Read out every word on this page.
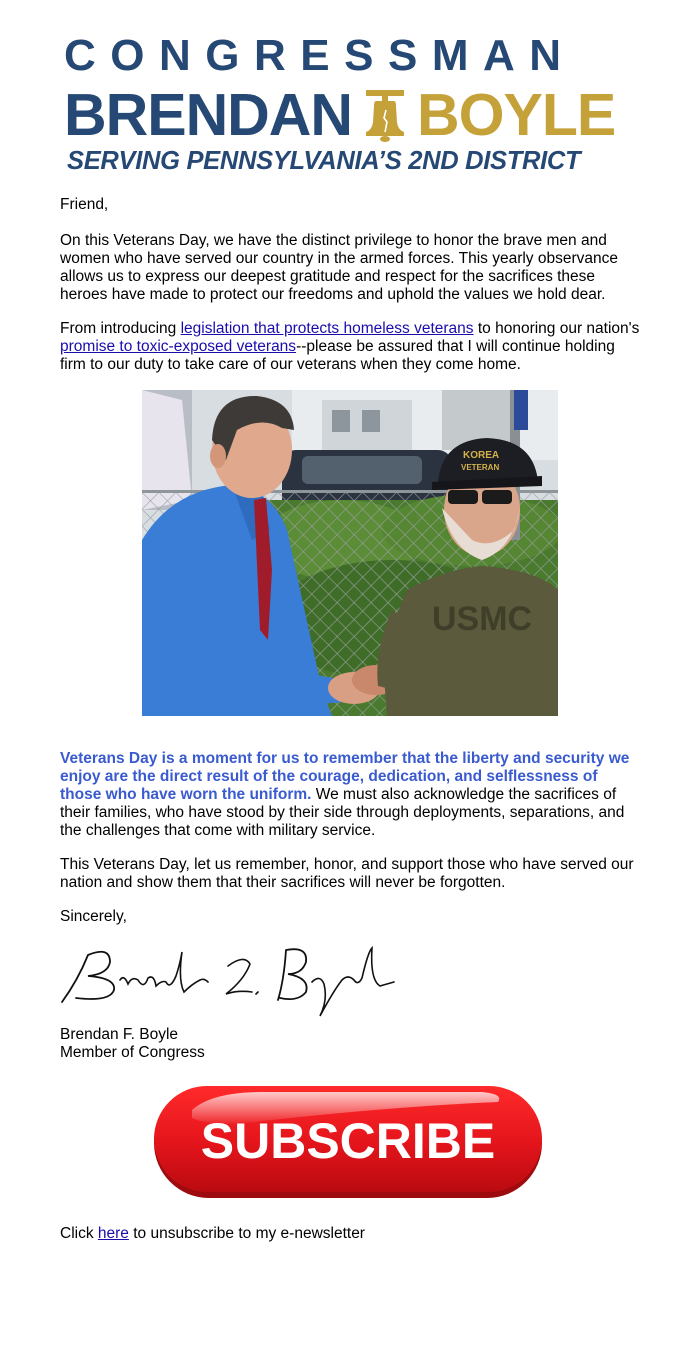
CONGRESSMAN
BRENDAN BOYLE
SERVING PENNSYLVANIA’S 2ND DISTRICT

Friend,

On this Veterans Day, we have the distinct privilege to honor the brave men and women who have served our country in the armed forces. This yearly observance allows us to express our deepest gratitude and respect for the sacrifices these heroes have made to protect our freedoms and uphold the values we hold dear.

From introducing legislation that protects homeless veterans to honoring our nation's promise to toxic-exposed veterans--please be assured that I will continue holding firm to our duty to take care of our veterans when they come home.

USMC
KOREA
VETERAN

Veterans Day is a moment for us to remember that the liberty and security we enjoy are the direct result of the courage, dedication, and selflessness of those who have worn the uniform. We must also acknowledge the sacrifices of their families, who have stood by their side through deployments, separations, and the challenges that come with military service.

This Veterans Day, let us remember, honor, and support those who have served our nation and show them that their sacrifices will never be forgotten.

Sincerely,

Brendan F. Boyle

Member of Congress

SUBSCRIBE

Click here to unsubscribe to my e-newsletter
